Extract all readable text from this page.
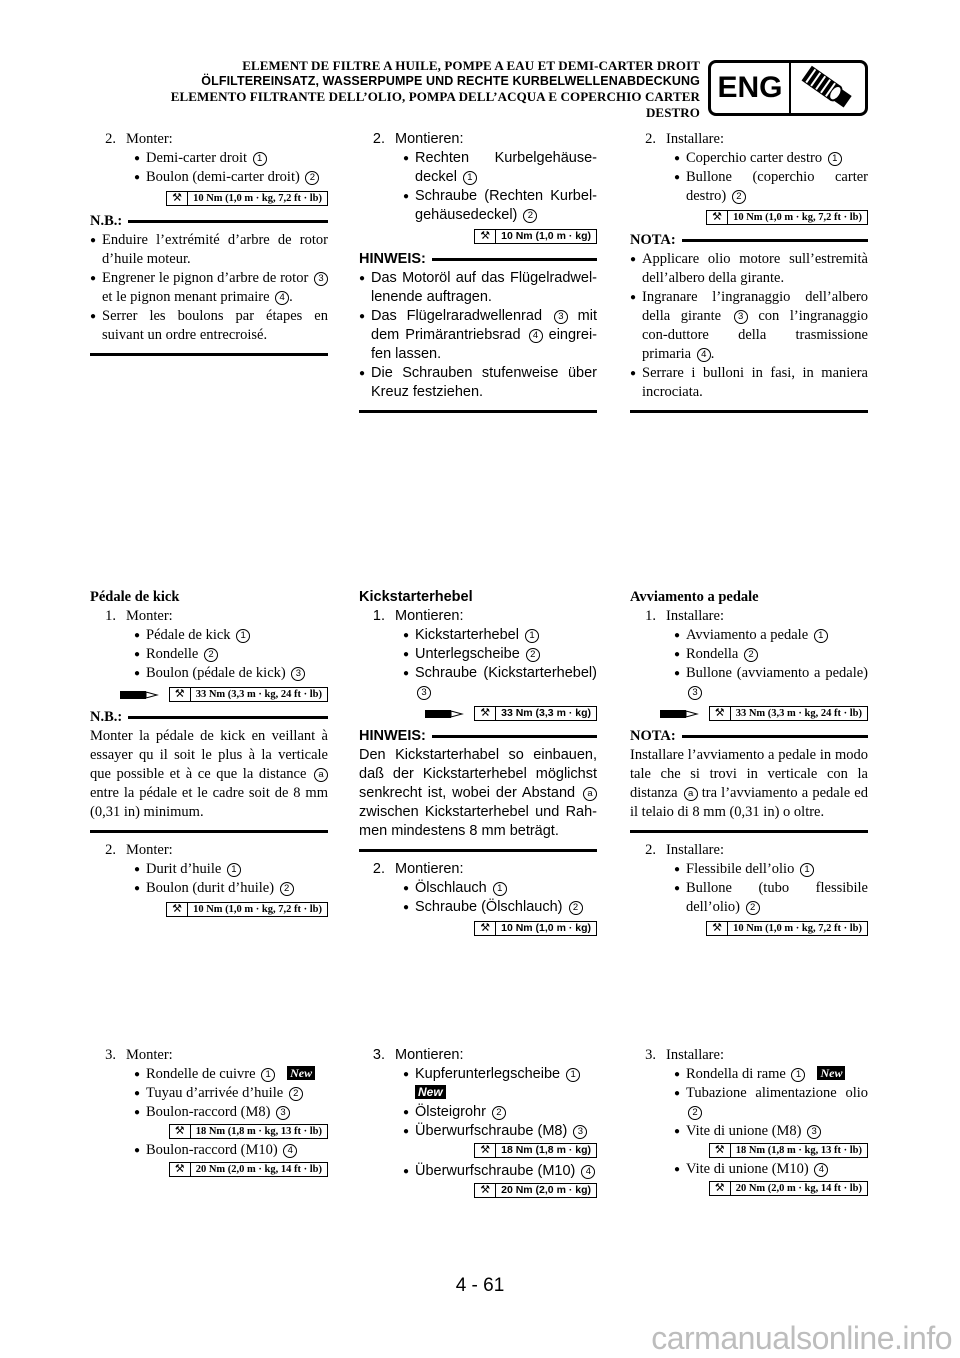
ELEMENT DE FILTRE A HUILE, POMPE A EAU ET DEMI-CARTER DROIT
ÖLFILTEREINSATZ, WASSERPUMPE UND RECHTE KURBELWELLENABDECKUNG
ELEMENTO FILTRANTE DELL’OLIO, POMPA DELL’ACQUA E COPERCHIO CARTER
DESTRO
ENG
2. Monter:
● Demi-carter droit 1
● Boulon (demi-carter droit) 2
⚒	10 Nm (1,0 m · kg, 7,2 ft · lb)
N.B.:
● Enduire l’extrémité d’arbre de rotor d’huile moteur.
● Engrener le pignon d’arbre de rotor 3 et le pignon menant primaire 4 .
● Serrer les boulons par étapes en suivant un ordre entrecroisé.
Pédale de kick
1. Monter:
● Pédale de kick 1
● Rondelle 2
● Boulon (pédale de kick) 3
⚒	33 Nm (3,3 m · kg, 24 ft · lb)
N.B.:
Monter la pédale de kick en veillant à essayer qu il soit le plus à la verticale que possible et à ce que la distance a entre la pédale et le cadre soit de 8 mm (0,31 in) minimum.
2. Monter:
● Durit d’huile 1
● Boulon (durit d’huile) 2
⚒	10 Nm (1,0 m · kg, 7,2 ft · lb)
3. Monter:
● Rondelle de cuivre 1 New
● Tuyau d’arrivée d’huile 2
● Boulon-raccord (M8) 3
⚒	18 Nm (1,8 m · kg, 13 ft · lb)
● Boulon-raccord (M10) 4
⚒	20 Nm (2,0 m · kg, 14 ft · lb)
2. Montieren:
● Rechten Kurbelgehäuse-deckel 1
● Schraube (Rechten Kurbel-gehäusedeckel) 2
⚒	10 Nm (1,0 m · kg)
HINWEIS:
● Das Motoröl auf das Flügelradwel-lenende auftragen.
● Das Flügelraradwellenrad 3 mit dem Primärantriebsrad 4 eingrei-fen lassen.
● Die Schrauben stufenweise über Kreuz festziehen.
Kickstarterhebel
1. Montieren:
● Kickstarterhebel 1
● Unterlegscheibe 2
● Schraube (Kickstarterhebel) 3
⚒	33 Nm (3,3 m · kg)
HINWEIS:
Den Kickstarterhabel so einbauen, daß der Kickstarterhebel möglichst senkrecht ist, wobei der Abstand a zwischen Kickstarterhebel und Rah-men mindestens 8 mm beträgt.
2. Montieren:
● Ölschlauch 1
● Schraube (Ölschlauch) 2
⚒	10 Nm (1,0 m · kg)
3. Montieren:
● Kupferunterlegscheibe 1
New
● Ölsteigrohr 2
● Überwurfschraube (M8) 3
⚒	18 Nm (1,8 m · kg)
● Überwurfschraube (M10) 4
⚒	20 Nm (2,0 m · kg)
2. Installare:
● Coperchio carter destro 1
● Bullone (coperchio carter destro) 2
⚒	10 Nm (1,0 m · kg, 7,2 ft · lb)
NOTA:
● Applicare olio motore sull’estremità dell’albero della girante.
● Ingranare l’ingranaggio dell’albero della girante 3 con l’ingranaggio con-duttore della trasmissione primaria 4 .
● Serrare i bulloni in fasi, in maniera incrociata.
Avviamento a pedale
1. Installare:
● Avviamento a pedale 1
● Rondella 2
● Bullone (avviamento a pedale) 3
⚒	33 Nm (3,3 m · kg, 24 ft · lb)
NOTA:
Installare l’avviamento a pedale in modo tale che si trovi in verticale con la distanza a tra l’avviamento a pedale ed il telaio di 8 mm (0,31 in) o oltre.
2. Installare:
● Flessibile dell’olio 1
● Bullone (tubo flessibile dell’olio) 2
⚒	10 Nm (1,0 m · kg, 7,2 ft · lb)
3. Installare:
● Rondella di rame 1 New
● Tubazione alimentazione olio 2
● Vite di unione (M8) 3
⚒	18 Nm (1,8 m · kg, 13 ft · lb)
● Vite di unione (M10) 4
⚒	20 Nm (2,0 m · kg, 14 ft · lb)
4 - 61
carmanualsonline.info
